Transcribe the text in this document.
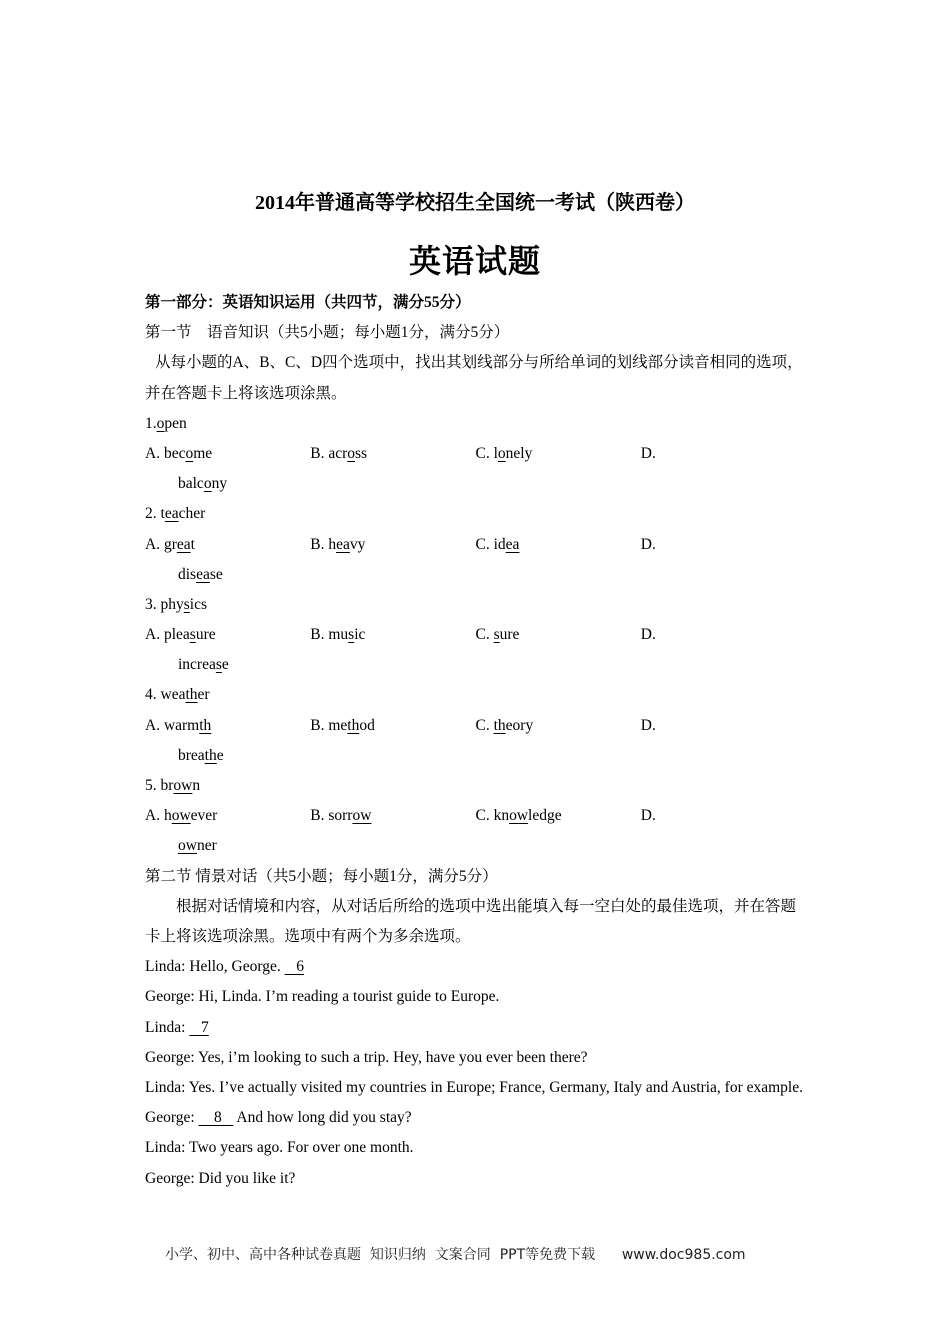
2014年普通高等学校招生全国统一考试（陕西卷）
英语试题
第一部分：英语知识运用（共四节，满分55分）
第一节　语音知识（共5小题；每小题1分，满分5分）
从每小题的A、B、C、D四个选项中，找出其划线部分与所给单词的划线部分读音相同的选项，并在答题卡上将该选项涂黑。
1.open
A. become	B. across	C. lonely	D.
balcony
2. teacher
A. great	B. heavy	C. idea	D.
disease
3. physics
A. pleasure	B. music	C. sure	D.
increase
4. weather
A. warmth	B. method	C. theory	D.
breathe
5. brown
A. however	B. sorrow	C. knowledge	D.
owner
第二节 情景对话（共5小题；每小题1分，满分5分）
根据对话情境和内容，从对话后所给的选项中选出能填入每一空白处的最佳选项，并在答题卡上将该选项涂黑。选项中有两个为多余选项。
Linda: Hello, George.    6
George: Hi, Linda. I’m reading a tourist guide to Europe.
Linda:    7
George: Yes, i’m looking to such a trip. Hey, have you ever been there?
Linda: Yes. I’ve actually visited my countries in Europe; France, Germany, Italy and Austria, for example.
George:     8    And how long did you stay?
Linda: Two years ago. For over one month.
George: Did you like it?
小学、初中、高中各种试卷真题  知识归纳  文案合同  PPT等免费下载      www.doc985.com
